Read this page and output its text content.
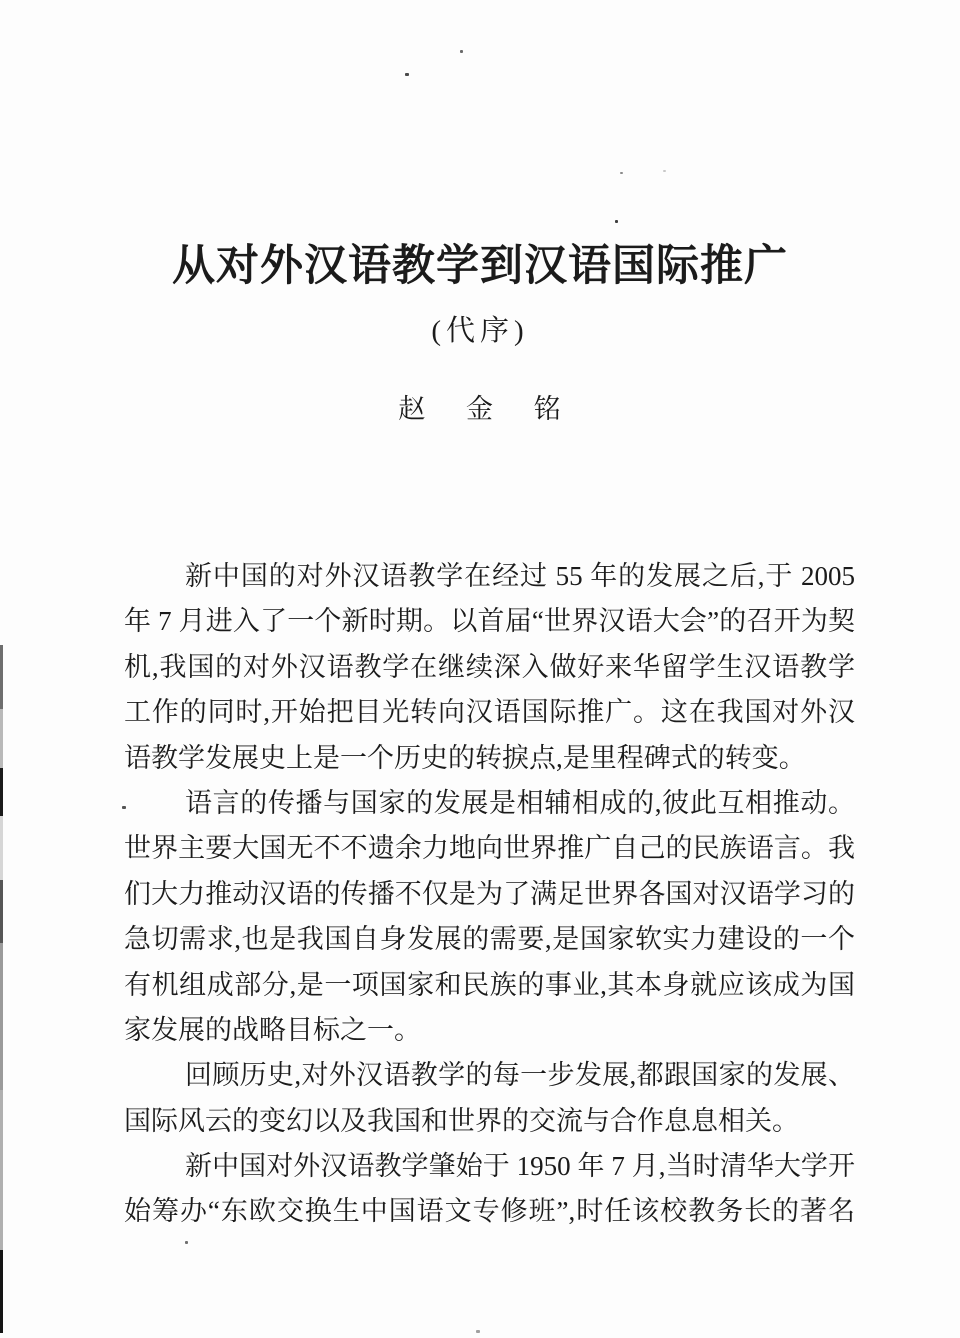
从对外汉语教学到汉语国际推广
(代序)
赵 金 铭
新中国的对外汉语教学在经过 55 年的发展之后,于 2005
年 7 月进入了一个新时期。以首届“世界汉语大会”的召开为契
机,我国的对外汉语教学在继续深入做好来华留学生汉语教学
工作的同时,开始把目光转向汉语国际推广。这在我国对外汉
语教学发展史上是一个历史的转捩点,是里程碑式的转变。
语言的传播与国家的发展是相辅相成的,彼此互相推动。
世界主要大国无不不遗余力地向世界推广自己的民族语言。我
们大力推动汉语的传播不仅是为了满足世界各国对汉语学习的
急切需求,也是我国自身发展的需要,是国家软实力建设的一个
有机组成部分,是一项国家和民族的事业,其本身就应该成为国
家发展的战略目标之一。
回顾历史,对外汉语教学的每一步发展,都跟国家的发展、
国际风云的变幻以及我国和世界的交流与合作息息相关。
新中国对外汉语教学肇始于 1950 年 7 月,当时清华大学开
始筹办“东欧交换生中国语文专修班”,时任该校教务长的著名
